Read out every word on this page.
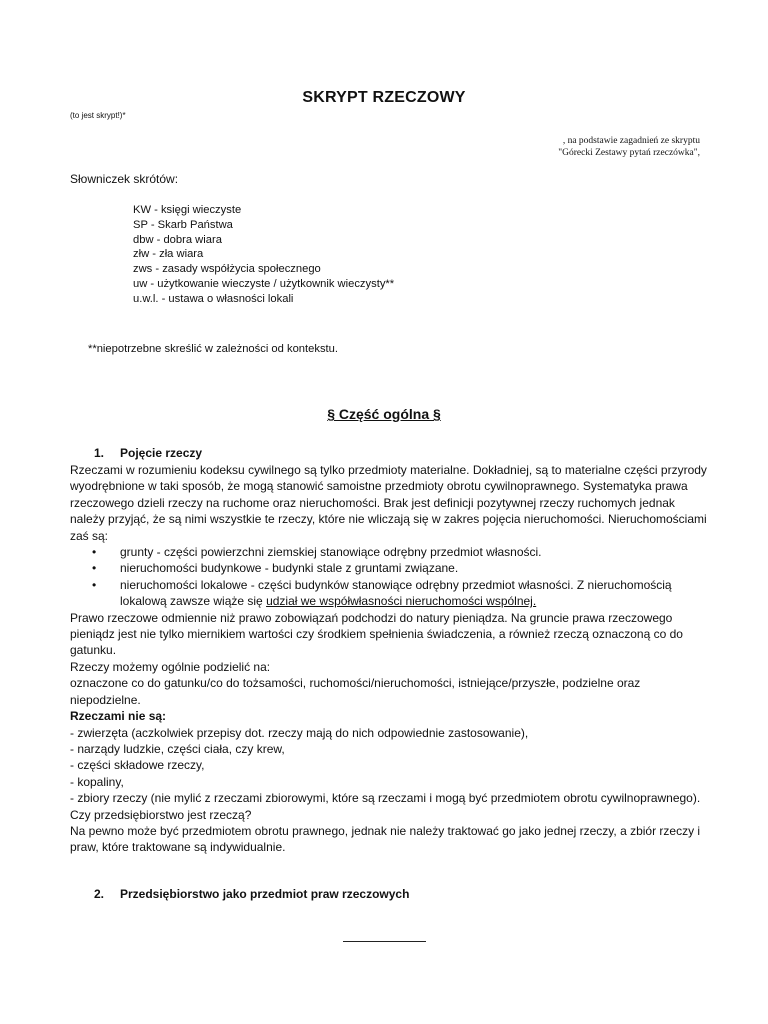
SKRYPT RZECZOWY
(to jest skrypt!)*
, na podstawie zagadnień ze skryptu
"Górecki Zestawy pytań rzeczówka",
Słowniczek skrótów:
KW - księgi wieczyste
SP - Skarb Państwa
dbw - dobra wiara
złw - zła wiara
zws - zasady współżycia społecznego
uw - użytkowanie wieczyste / użytkownik wieczysty**
u.w.l. - ustawa o własności lokali
**niepotrzebne skreślić w zależności od kontekstu.
§ Część ogólna §
1. Pojęcie rzeczy

Rzeczami w rozumieniu kodeksu cywilnego są tylko przedmioty materialne. Dokładniej, są to materialne części przyrody wyodrębnione w taki sposób, że mogą stanowić samoistne przedmioty obrotu cywilnoprawnego. Systematyka prawa rzeczowego dzieli rzeczy na ruchome oraz nieruchomości. Brak jest definicji pozytywnej rzeczy ruchomych jednak należy przyjąć, że są nimi wszystkie te rzeczy, które nie wliczają się w zakres pojęcia nieruchomości. Nieruchomościami zaś są:

• grunty - części powierzchni ziemskiej stanowiące odrębny przedmiot własności.
• nieruchomości budynkowe - budynki stale z gruntami związane.
• nieruchomości lokalowe - części budynków stanowiące odrębny przedmiot własności. Z nieruchomością lokalową zawsze wiąże się udział we współwłasności nieruchomości wspólnej.

Prawo rzeczowe odmiennie niż prawo zobowiązań podchodzi do natury pieniądza. Na gruncie prawa rzeczowego pieniądz jest nie tylko miernikiem wartości czy środkiem spełnienia świadczenia, a również rzeczą oznaczoną co do gatunku.

Rzeczy możemy ogólnie podzielić na:

oznaczone co do gatunku/co do tożsamości, ruchomości/nieruchomości, istniejące/przyszłe, podzielne oraz niepodzielne.

Rzeczami nie są:

- zwierzęta (aczkolwiek przepisy dot. rzeczy mają do nich odpowiednie zastosowanie),

- narządy ludzkie, części ciała, czy krew,

- części składowe rzeczy,

- kopaliny,

- zbiory rzeczy (nie mylić z rzeczami zbiorowymi, które są rzeczami i mogą być przedmiotem obrotu cywilnoprawnego).

Czy przedsiębiorstwo jest rzeczą?

Na pewno może być przedmiotem obrotu prawnego, jednak nie należy traktować go jako jednej rzeczy, a zbiór rzeczy i praw, które traktowane są indywidualnie.

2. Przedsiębiorstwo jako przedmiot praw rzeczowych
